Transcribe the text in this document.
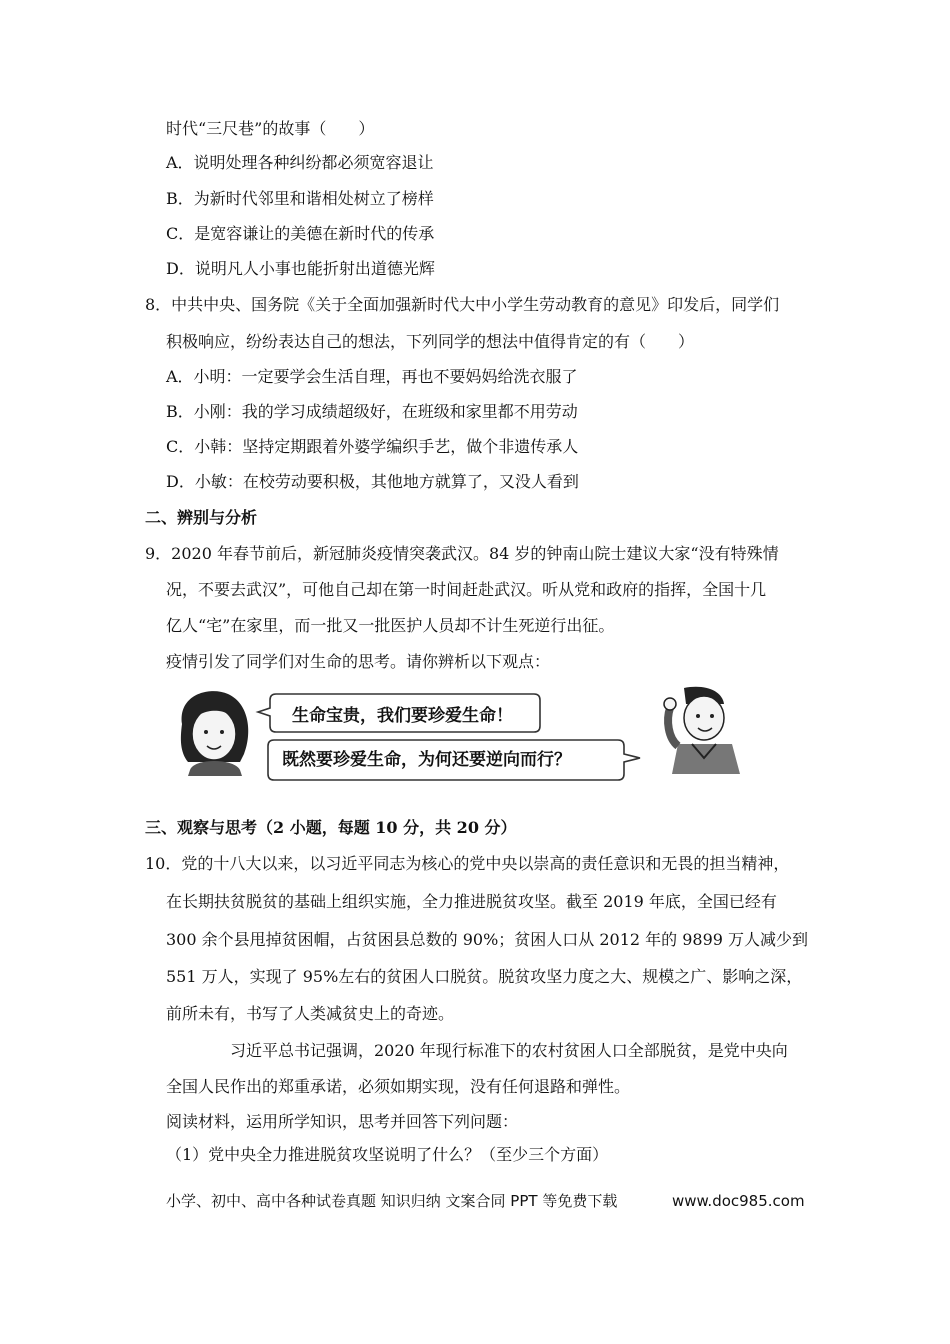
时代“三尺巷”的故事（　　）
A．说明处理各种纠纷都必须宽容退让
B．为新时代邻里和谐相处树立了榜样
C．是宽容谦让的美德在新时代的传承
D．说明凡人小事也能折射出道德光辉
8．中共中央、国务院《关于全面加强新时代大中小学生劳动教育的意见》印发后，同学们
积极响应，纷纷表达自己的想法，下列同学的想法中值得肯定的有（　　）
A．小明：一定要学会生活自理，再也不要妈妈给洗衣服了
B．小刚：我的学习成绩超级好，在班级和家里都不用劳动
C．小韩：坚持定期跟着外婆学编织手艺，做个非遗传承人
D．小敏：在校劳动要积极，其他地方就算了，又没人看到
二、辨别与分析
9．2020 年春节前后，新冠肺炎疫情突袭武汉。84 岁的钟南山院士建议大家“没有特殊情
况，不要去武汉”，可他自己却在第一时间赶赴武汉。听从党和政府的指挥，全国十几
亿人“宅”在家里，而一批又一批医护人员却不计生死逆行出征。
疫情引发了同学们对生命的思考。请你辨析以下观点：
生命宝贵，我们要珍爱生命！
既然要珍爱生命，为何还要逆向而行？
三、观察与思考（2 小题，每题 10 分，共 20 分）
10．党的十八大以来，以习近平同志为核心的党中央以崇高的责任意识和无畏的担当精神，
在长期扶贫脱贫的基础上组织实施，全力推进脱贫攻坚。截至 2019 年底，全国已经有
300 余个县甩掉贫困帽，占贫困县总数的 90%；贫困人口从 2012 年的 9899 万人减少到
551 万人，实现了 95%左右的贫困人口脱贫。脱贫攻坚力度之大、规模之广、影响之深，
前所未有，书写了人类减贫史上的奇迹。
习近平总书记强调，2020 年现行标准下的农村贫困人口全部脱贫，是党中央向
全国人民作出的郑重承诺，必须如期实现，没有任何退路和弹性。
阅读材料，运用所学知识，思考并回答下列问题：
（1）党中央全力推进脱贫攻坚说明了什么？（至少三个方面）
小学、初中、高中各种试卷真题 知识归纳 文案合同 PPT 等免费下载	www.doc985.com
